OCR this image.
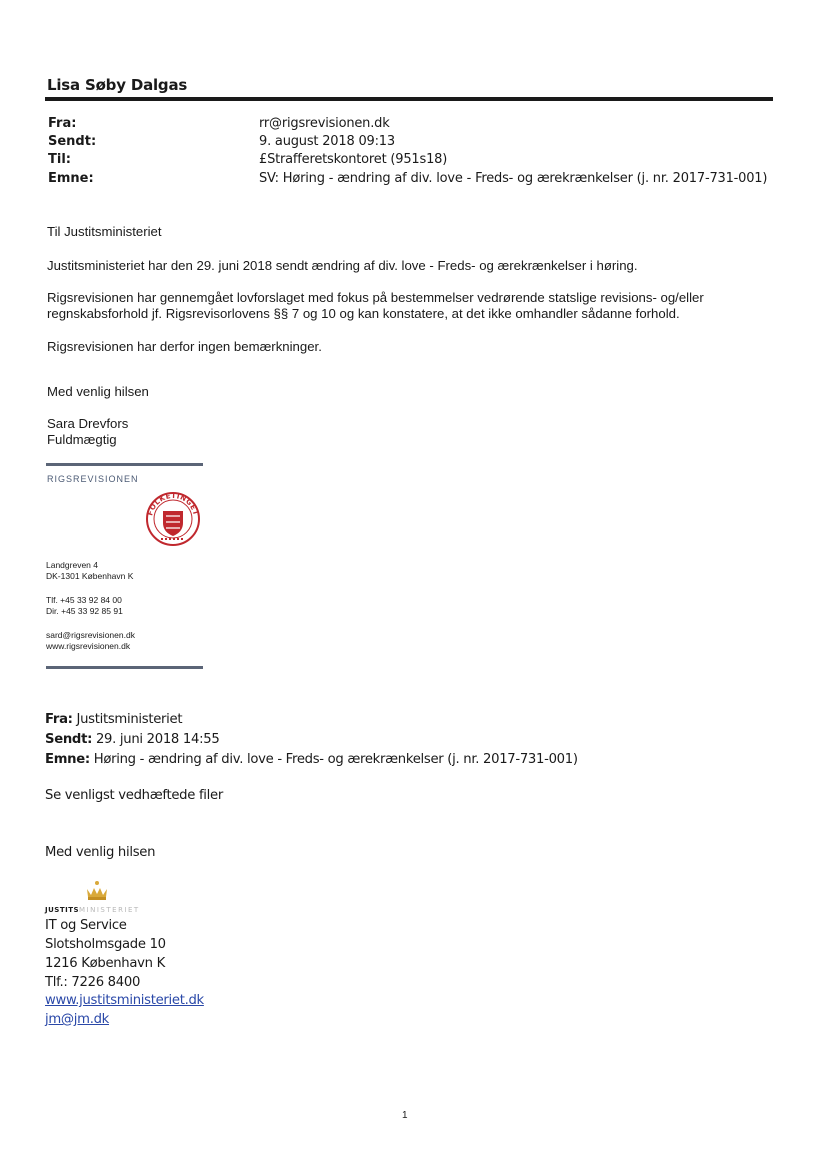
Lisa Søby Dalgas
Fra:	rr@rigsrevisionen.dk
Sendt:	9. august 2018 09:13
Til:	£Strafferetskontoret (951s18)
Emne:	SV: Høring - ændring af div. love - Freds- og ærekrænkelser (j. nr. 2017-731-001)
Til Justitsministeriet
Justitsministeriet har den 29. juni 2018 sendt ændring af div. love - Freds- og ærekrænkelser i høring.
Rigsrevisionen har gennemgået lovforslaget med fokus på bestemmelser vedrørende statslige revisions- og/eller
regnskabsforhold jf. Rigsrevisorlovens §§ 7 og 10 og kan konstatere, at det ikke omhandler sådanne forhold.
Rigsrevisionen har derfor ingen bemærkninger.
Med venlig hilsen
Sara Drevfors
Fuldmægtig
RIGSREVISIONEN
FOLKETINGET
Landgreven 4
DK-1301 København K
Tlf. +45 33 92 84 00
Dir. +45 33 92 85 91
sard@rigsrevisionen.dk
www.rigsrevisionen.dk
Fra: Justitsministeriet
Sendt: 29. juni 2018 14:55
Emne: Høring - ændring af div. love - Freds- og ærekrænkelser (j. nr. 2017-731-001)
Se venligst vedhæftede filer
Med venlig hilsen
JUSTITSMINISTERIET
IT og Service
Slotsholmsgade 10
1216 København K
Tlf.: 7226 8400
www.justitsministeriet.dk
jm@jm.dk
1
